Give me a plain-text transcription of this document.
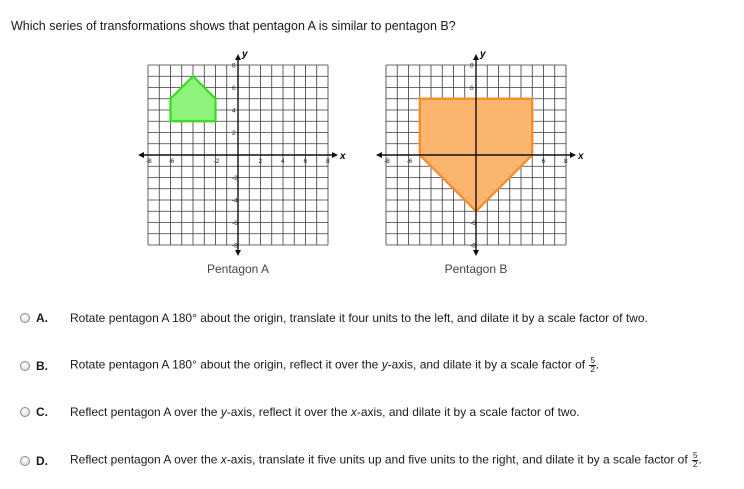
Which series of transformations shows that pentagon A is similar to pentagon B?
x
y
-8	-6	-2	2	4	6	8
8
6
4
2
-2
-4
-6
-8
Pentagon A
x
y
-8	-6	6	8
8
6
-6
-8
Pentagon B
A.	Rotate pentagon A 180° about the origin, translate it four units to the left, and dilate it by a scale factor of two.
B.	Rotate pentagon A 180° about the origin, reflect it over the y-axis, and dilate it by a scale factor of $\frac{5}{2}$ .
C.	Reflect pentagon A over the y-axis, reflect it over the x-axis, and dilate it by a scale factor of two.
D.	Reflect pentagon A over the x-axis, translate it five units up and five units to the right, and dilate it by a scale factor of $\frac{5}{2}$ .
